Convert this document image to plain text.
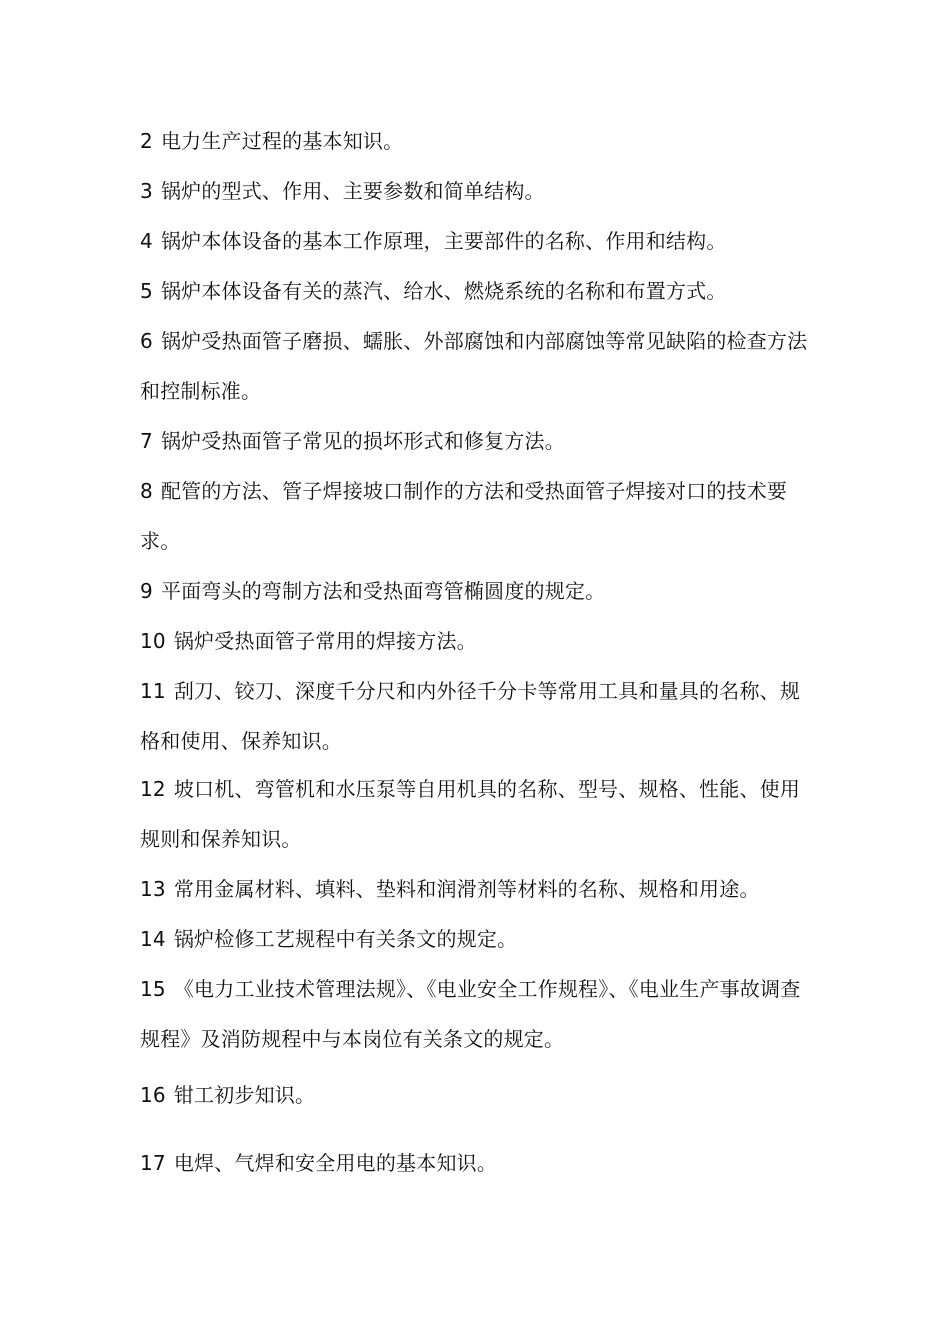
2 电力生产过程的基本知识。
3 锅炉的型式、作用、主要参数和简单结构。
4 锅炉本体设备的基本工作原理，主要部件的名称、作用和结构。
5 锅炉本体设备有关的蒸汽、给水、燃烧系统的名称和布置方式。
6 锅炉受热面管子磨损、蠕胀、外部腐蚀和内部腐蚀等常见缺陷的检查方法和控制标准。
7 锅炉受热面管子常见的损坏形式和修复方法。
8 配管的方法、管子焊接坡口制作的方法和受热面管子焊接对口的技术要求。
9 平面弯头的弯制方法和受热面弯管椭圆度的规定。
10 锅炉受热面管子常用的焊接方法。
11 刮刀、铰刀、深度千分尺和内外径千分卡等常用工具和量具的名称、规格和使用、保养知识。
12 坡口机、弯管机和水压泵等自用机具的名称、型号、规格、性能、使用规则和保养知识。
13 常用金属材料、填料、垫料和润滑剂等材料的名称、规格和用途。
14 锅炉检修工艺规程中有关条文的规定。
15 《电力工业技术管理法规》、《电业安全工作规程》、《电业生产事故调查规程》及消防规程中与本岗位有关条文的规定。
16 钳工初步知识。
17 电焊、气焊和安全用电的基本知识。
